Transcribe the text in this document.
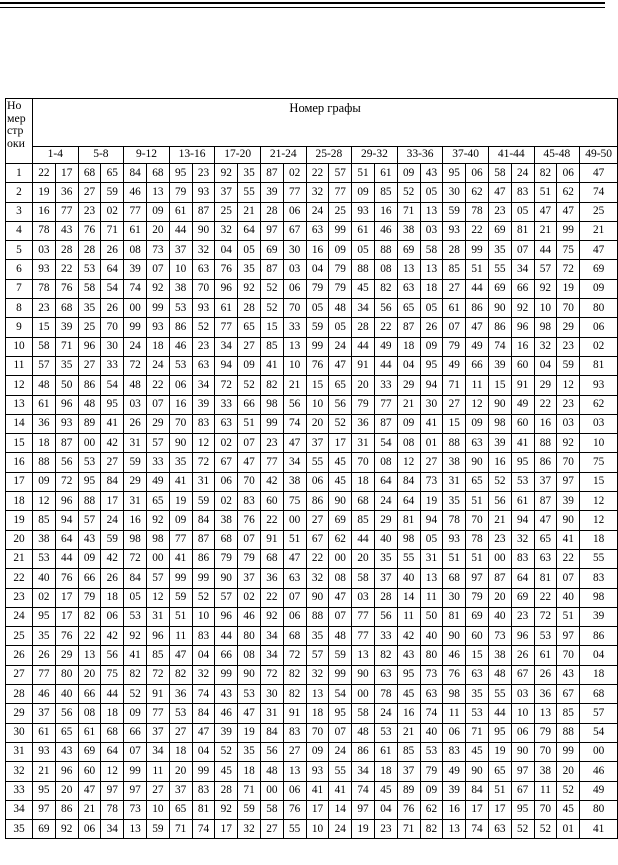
Но
мер
стр
оки	Номер графы																								
	1-4		5-8		9-12		13-16		17-20		21-24		25-28		29-32		33-36		37-40		41-44		45-48		49-50
1	22	17	68	65	84	68	95	23	92	35	87	02	22	57	51	61	09	43	95	06	58	24	82	06	47
2	19	36	27	59	46	13	79	93	37	55	39	77	32	77	09	85	52	05	30	62	47	83	51	62	74
3	16	77	23	02	77	09	61	87	25	21	28	06	24	25	93	16	71	13	59	78	23	05	47	47	25
4	78	43	76	71	61	20	44	90	32	64	97	67	63	99	61	46	38	03	93	22	69	81	21	99	21
5	03	28	28	26	08	73	37	32	04	05	69	30	16	09	05	88	69	58	28	99	35	07	44	75	47
6	93	22	53	64	39	07	10	63	76	35	87	03	04	79	88	08	13	13	85	51	55	34	57	72	69
7	78	76	58	54	74	92	38	70	96	92	52	06	79	79	45	82	63	18	27	44	69	66	92	19	09
8	23	68	35	26	00	99	53	93	61	28	52	70	05	48	34	56	65	05	61	86	90	92	10	70	80
9	15	39	25	70	99	93	86	52	77	65	15	33	59	05	28	22	87	26	07	47	86	96	98	29	06
10	58	71	96	30	24	18	46	23	34	27	85	13	99	24	44	49	18	09	79	49	74	16	32	23	02
11	57	35	27	33	72	24	53	63	94	09	41	10	76	47	91	44	04	95	49	66	39	60	04	59	81
12	48	50	86	54	48	22	06	34	72	52	82	21	15	65	20	33	29	94	71	11	15	91	29	12	93
13	61	96	48	95	03	07	16	39	33	66	98	56	10	56	79	77	21	30	27	12	90	49	22	23	62
14	36	93	89	41	26	29	70	83	63	51	99	74	20	52	36	87	09	41	15	09	98	60	16	03	03
15	18	87	00	42	31	57	90	12	02	07	23	47	37	17	31	54	08	01	88	63	39	41	88	92	10
16	88	56	53	27	59	33	35	72	67	47	77	34	55	45	70	08	12	27	38	90	16	95	86	70	75
17	09	72	95	84	29	49	41	31	06	70	42	38	06	45	18	64	84	73	31	65	52	53	37	97	15
18	12	96	88	17	31	65	19	59	02	83	60	75	86	90	68	24	64	19	35	51	56	61	87	39	12
19	85	94	57	24	16	92	09	84	38	76	22	00	27	69	85	29	81	94	78	70	21	94	47	90	12
20	38	64	43	59	98	98	77	87	68	07	91	51	67	62	44	40	98	05	93	78	23	32	65	41	18
21	53	44	09	42	72	00	41	86	79	79	68	47	22	00	20	35	55	31	51	51	00	83	63	22	55
22	40	76	66	26	84	57	99	99	90	37	36	63	32	08	58	37	40	13	68	97	87	64	81	07	83
23	02	17	79	18	05	12	59	52	57	02	22	07	90	47	03	28	14	11	30	79	20	69	22	40	98
24	95	17	82	06	53	31	51	10	96	46	92	06	88	07	77	56	11	50	81	69	40	23	72	51	39
25	35	76	22	42	92	96	11	83	44	80	34	68	35	48	77	33	42	40	90	60	73	96	53	97	86
26	26	29	13	56	41	85	47	04	66	08	34	72	57	59	13	82	43	80	46	15	38	26	61	70	04
27	77	80	20	75	82	72	82	32	99	90	72	82	32	99	90	63	95	73	76	63	48	67	26	43	18
28	46	40	66	44	52	91	36	74	43	53	30	82	13	54	00	78	45	63	98	35	55	03	36	67	68
29	37	56	08	18	09	77	53	84	46	47	31	91	18	95	58	24	16	74	11	53	44	10	13	85	57
30	61	65	61	68	66	37	27	47	39	19	84	83	70	07	48	53	21	40	06	71	95	06	79	88	54
31	93	43	69	64	07	34	18	04	52	35	56	27	09	24	86	61	85	53	83	45	19	90	70	99	00
32	21	96	60	12	99	11	20	99	45	18	48	13	93	55	34	18	37	79	49	90	65	97	38	20	46
33	95	20	47	97	97	27	37	83	28	71	00	06	41	41	74	45	89	09	39	84	51	67	11	52	49
34	97	86	21	78	73	10	65	81	92	59	58	76	17	14	97	04	76	62	16	17	17	95	70	45	80
35	69	92	06	34	13	59	71	74	17	32	27	55	10	24	19	23	71	82	13	74	63	52	52	01	41
